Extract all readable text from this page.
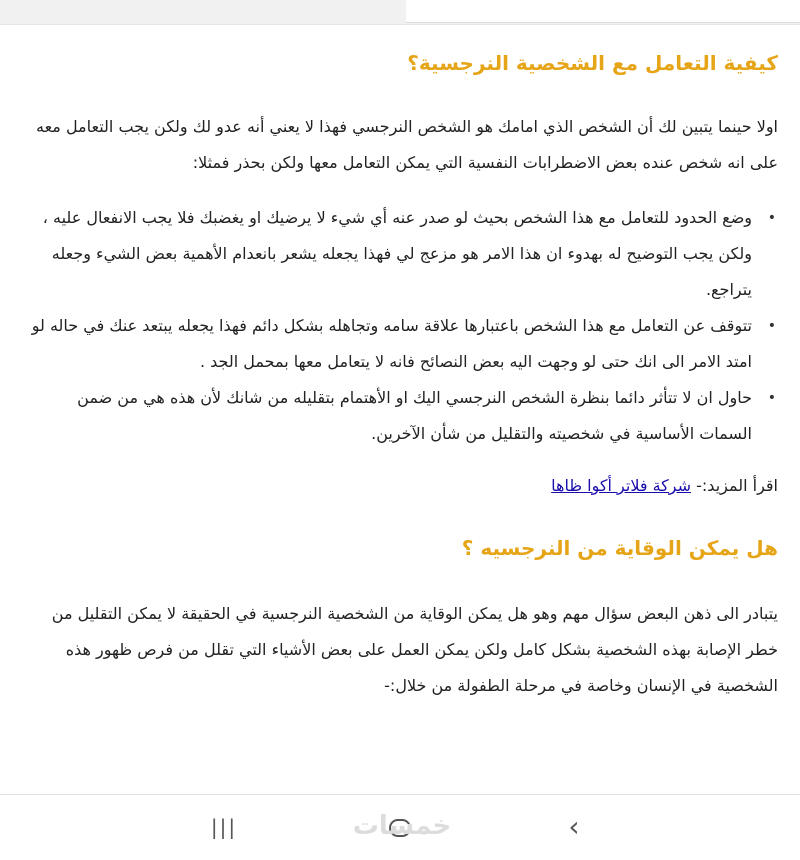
كيفية التعامل مع الشخصية النرجسية؟

اولا حينما يتبين لك أن الشخص الذي امامك هو الشخص النرجسي فهذا لا يعني أنه عدو لك ولكن يجب التعامل معه على انه شخص عنده بعض الاضطرابات النفسية التي يمكن التعامل معها ولكن بحذر فمثلا:

•
وضع الحدود للتعامل مع هذا الشخص بحيث لو صدر عنه أي شيء لا يرضيك او يغضبك فلا يجب الانفعال عليه ، ولكن يجب التوضيح له بهدوء ان هذا الامر هو مزعج لي فهذا يجعله يشعر بانعدام الأهمية بعض الشيء وجعله يتراجع.
•
تتوقف عن التعامل مع هذا الشخص باعتبارها علاقة سامه وتجاهله بشكل دائم فهذا يجعله يبتعد عنك في حاله لو امتد الامر الى انك حتى لو وجهت اليه بعض النصائح فانه لا يتعامل معها بمحمل الجد .
•
حاول ان لا تتأثر دائما بنظرة الشخص النرجسي اليك او الأهتمام بتقليله من شانك لأن هذه هي من ضمن السمات الأساسية في شخصيته والتقليل من شأن الآخرين.

اقرأ المزيد:- شركة فلاتر أكوا ظاها

هل يمكن الوقاية من النرجسيه ؟

يتبادر الى ذهن البعض سؤال مهم وهو هل يمكن الوقاية من الشخصية النرجسية في الحقيقة لا يمكن التقليل من خطر الإصابة بهذه الشخصية بشكل كامل ولكن يمكن العمل على بعض الأشياء التي تقلل من فرص ظهور هذه الشخصية في الإنسان وخاصة في مرحلة الطفولة من خلال:-

|||	‹
خمسات
